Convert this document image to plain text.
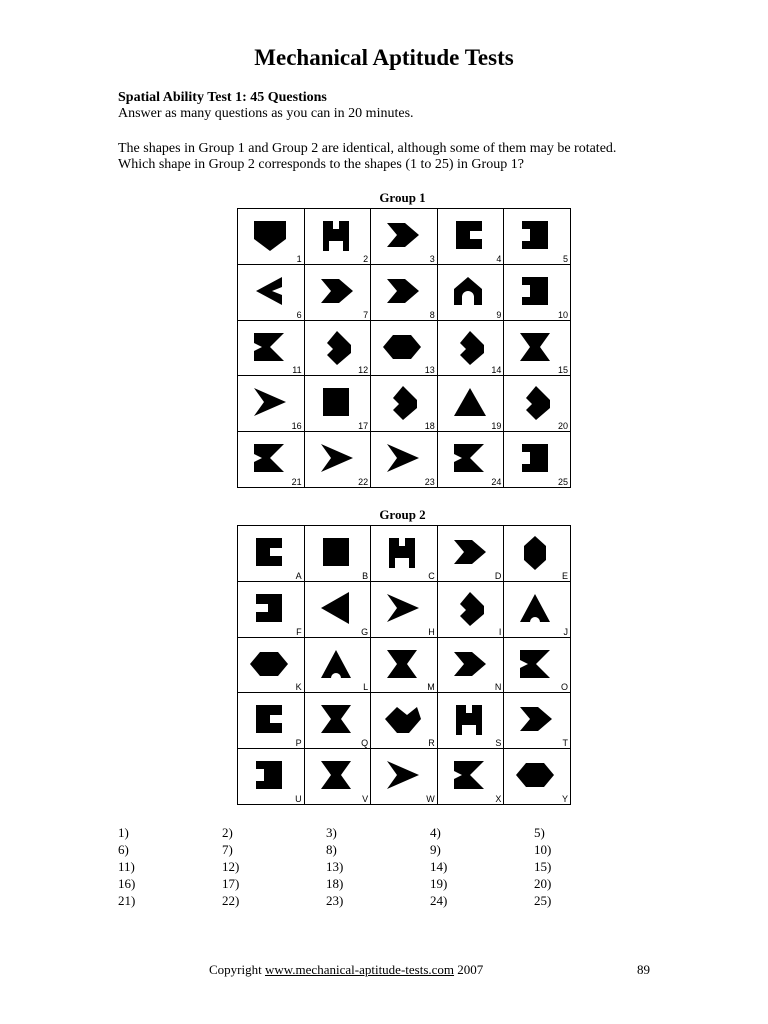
Mechanical Aptitude Tests
Spatial Ability Test 1: 45 Questions
Answer as many questions as you can in 20 minutes.
The shapes in Group 1 and Group 2 are identical, although some of them may be rotated.
Which shape in Group 2 corresponds to the shapes (1 to 25) in Group 1?
Group 1
1	2	3	4	5
6	7	8	9	10
11	12	13	14	15
16	17	18	19	20
21	22	23	24	25
Group 2
A	B	C	D	E
F	G	H	I	J
K	L	M	N	O
P	Q	R	S	T
U	V	W	X	Y
1)	2)	3)	4)	5)
6)	7)	8)	9)	10)
11)	12)	13)	14)	15)
16)	17)	18)	19)	20)
21)	22)	23)	24)	25)
Copyright www.mechanical-aptitude-tests.com 2007	89
